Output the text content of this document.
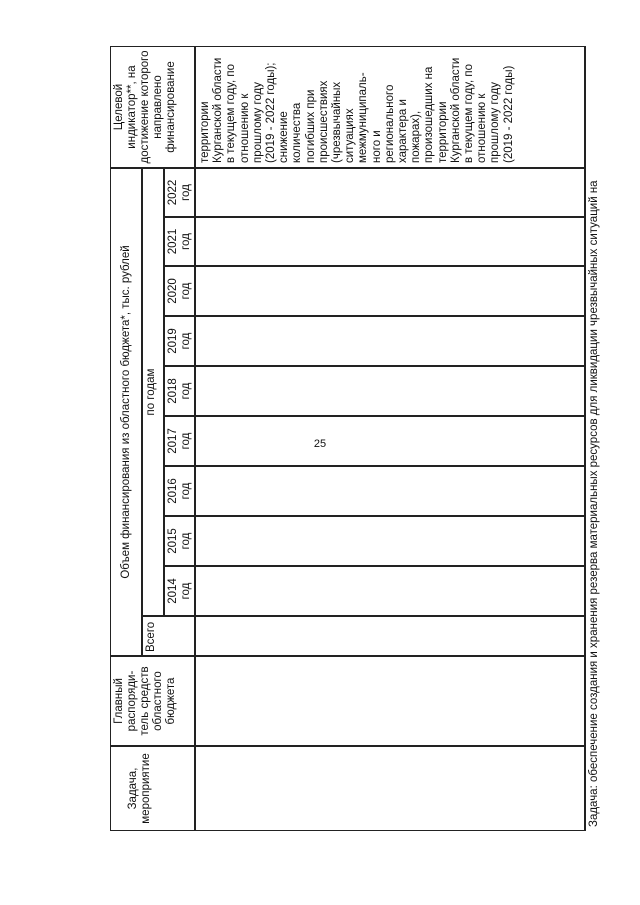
25
Задача, мероприятие
Главный распоряди-тель средств областного бюджета
Объем финансирования из областного бюджета*, тыс. рублей
Всего
по годам
2014 год
2015 год
2016 год
2017 год
2018 год
2019 год
2020 год
2021 год
2022 год
Целевой индикатор**, на достижение которого направлено финансирование	территории Курганской области в текущем году, по отношению к прошлому году (2019 - 2022 годы); снижение количества погибших при происшествиях (чрезвычайных ситуациях межмуниципаль-ного и регионального характера и пожарах), произошедших на территории Курганской области в текущем году, по отношению к прошлому году (2019 - 2022 годы)
Задача: обеспечение создания и хранения резерва материальных ресурсов для ликвидации чрезвычайных ситуаций на
